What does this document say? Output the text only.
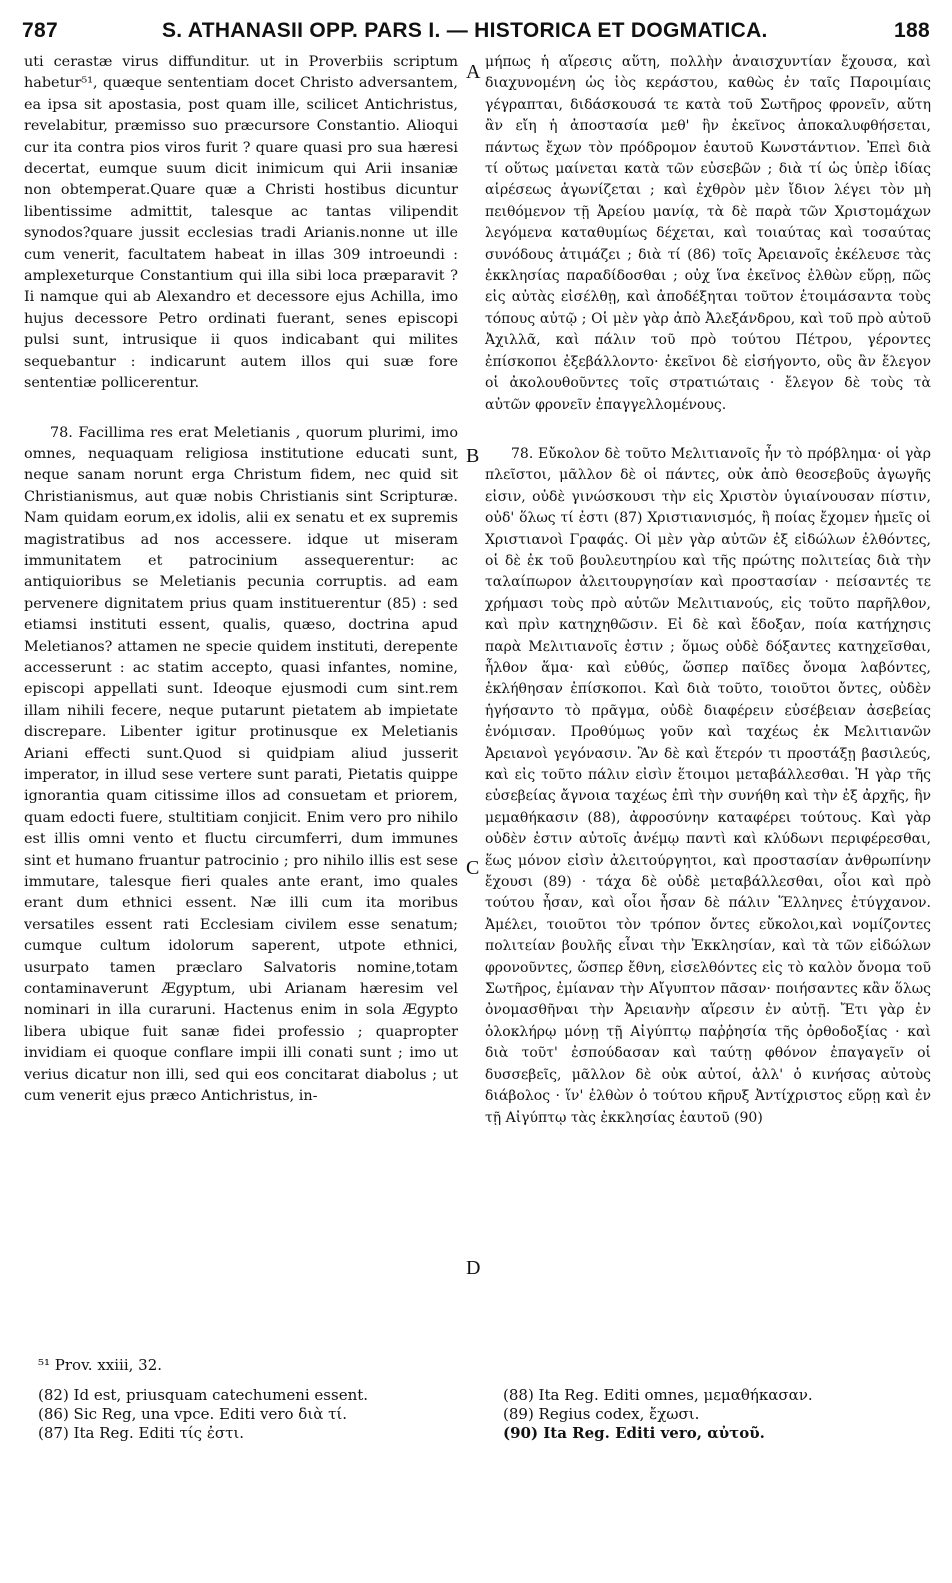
787	S. ATHANASII OPP. PARS I. — HISTORICA ET DOGMATICA.	188

uti cerastæ virus diffunditur. ut in Proverbiis scriptum habetur⁵¹, quæque sententiam docet Christo adversantem, ea ipsa sit apostasia, post quam ille, scilicet Antichristus, revelabitur, præmisso suo præcursore Constantio. Alioqui cur ita contra pios viros furit ? quare quasi pro sua hæresi decertat, eumque suum dicit inimicum qui Arii insaniæ non obtemperat.Quare quæ a Christi hostibus dicuntur libentissime admittit, talesque ac tantas vilipendit synodos?quare jussit ecclesias tradi Arianis.nonne ut ille cum venerit, facultatem habeat in illas 309 introeundi : amplexeturque Constantium qui illa sibi loca præparavit ? Ii namque qui ab Alexandro et decessore ejus Achilla, imo hujus decessore Petro ordinati fuerant, senes episcopi pulsi sunt, intrusique ii quos indicabant qui milites sequebantur : indicarunt autem illos qui suæ fore sententiæ pollicerentur.

78. Facillima res erat Meletianis , quorum plurimi, imo omnes, nequaquam religiosa institutione educati sunt, neque sanam norunt erga Christum fidem, nec quid sit Christianismus, aut quæ nobis Christianis sint Scripturæ. Nam quidam eorum,ex idolis, alii ex senatu et ex supremis magistratibus ad nos accessere. idque ut miseram immunitatem et patrocinium assequerentur: ac antiquioribus se Meletianis pecunia corruptis. ad eam pervenere dignitatem prius quam instituerentur (85) : sed etiamsi instituti essent, qualis, quæso, doctrina apud Meletianos? attamen ne specie quidem instituti, derepente accesserunt : ac statim accepto, quasi infantes, nomine, episcopi appellati sunt. Ideoque ejusmodi cum sint.rem illam nihili fecere, neque putarunt pietatem ab impietate discrepare. Libenter igitur protinusque ex Meletianis Ariani effecti sunt.Quod si quidpiam aliud jusserit imperator, in illud sese vertere sunt parati, Pietatis quippe ignorantia quam citissime illos ad consuetam et priorem, quam edocti fuere, stultitiam conjicit. Enim vero pro nihilo est illis omni vento et fluctu circumferri, dum immunes sint et humano fruantur patrocinio ; pro nihilo illis est sese immutare, talesque fieri quales ante erant, imo quales erant dum ethnici essent. Næ illi cum ita moribus versatiles essent rati Ecclesiam civilem esse senatum; cumque cultum idolorum saperent, utpote ethnici, usurpato tamen præclaro Salvatoris nomine,totam contaminaverunt Ægyptum, ubi Arianam hæresim vel nominari in illa curaruni. Hactenus enim in sola Ægypto libera ubique fuit sanæ fidei professio ; quapropter invidiam ei quoque conflare impii illi conati sunt ; imo ut verius dicatur non illi, sed qui eos concitarat diabolus ; ut cum venerit ejus præco Antichristus, in-

A
B
C
D

μήπως ἡ αἵρεσις αὕτη, πολλὴν ἀναισχυντίαν ἔχουσα, καὶ διαχυνομένη ὡς ἰὸς κεράστου, καθὼς ἐν ταῖς Παροιμίαις γέγραπται, διδάσκουσά τε κατὰ τοῦ Σωτῆρος φρονεῖν, αὕτη ἂν εἴη ἡ ἀποστασία μεθ' ἣν ἐκεῖνος ἀποκαλυφθήσεται, πάντως ἔχων τὸν πρόδρομον ἑαυτοῦ Κωνστάντιον. Ἐπεὶ διὰ τί οὕτως μαίνεται κατὰ τῶν εὐσεβῶν ; διὰ τί ὡς ὑπὲρ ἰδίας αἱρέσεως ἀγωνίζεται ; καὶ ἐχθρὸν μὲν ἴδιον λέγει τὸν μὴ πειθόμενον τῇ Ἀρείου μανίᾳ, τὰ δὲ παρὰ τῶν Χριστομάχων λεγόμενα καταθυμίως δέχεται, καὶ τοιαύτας καὶ τοσαύτας συνόδους ἀτιμάζει ; διὰ τί (86) τοῖς Ἀρειανοῖς ἐκέλευσε τὰς ἐκκλησίας παραδίδοσθαι ; οὐχ ἵνα ἐκεῖνος ἐλθὼν εὕρῃ, πῶς εἰς αὐτὰς εἰσέλθῃ, καὶ ἀποδέξηται τοῦτον ἑτοιμάσαντα τοὺς τόπους αὐτῷ ; Οἱ μὲν γὰρ ἀπὸ Ἀλεξάνδρου, καὶ τοῦ πρὸ αὐτοῦ Ἀχιλλᾶ, καὶ πάλιν τοῦ πρὸ τούτου Πέτρου, γέροντες ἐπίσκοποι ἐξεβάλλοντο· ἐκεῖνοι δὲ εἰσήγοντο, οὓς ἂν ἔλεγον οἱ ἀκολουθοῦντες τοῖς στρατιώταις · ἔλεγον δὲ τοὺς τὰ αὐτῶν φρονεῖν ἐπαγγελλομένους.

78. Εὔκολον δὲ τοῦτο Μελιτιανοῖς ἦν τὸ πρόβλημα· οἱ γὰρ πλεῖστοι, μᾶλλον δὲ οἱ πάντες, οὐκ ἀπὸ θεοσεβοῦς ἀγωγῆς εἰσιν, οὐδὲ γινώσκουσι τὴν εἰς Χριστὸν ὑγιαίνουσαν πίστιν, οὐδ' ὅλως τί ἐστι (87) Χριστιανισμός, ἢ ποίας ἔχομεν ἡμεῖς οἱ Χριστιανοὶ Γραφάς. Οἱ μὲν γὰρ αὐτῶν ἐξ εἰδώλων ἐλθόντες, οἱ δὲ ἐκ τοῦ βουλευτηρίου καὶ τῆς πρώτης πολιτείας διὰ τὴν ταλαίπωρον ἀλειτουργησίαν καὶ προστασίαν · πείσαντές τε χρήμασι τοὺς πρὸ αὐτῶν Μελιτιανούς, εἰς τοῦτο παρῆλθον, καὶ πρὶν κατηχηθῶσιν. Εἰ δὲ καὶ ἔδοξαν, ποία κατήχησις παρὰ Μελιτιανοῖς ἐστιν ; ὅμως οὐδὲ δόξαντες κατηχεῖσθαι, ἦλθον ἅμα· καὶ εὐθύς, ὥσπερ παῖδες ὄνομα λαβόντες, ἐκλήθησαν ἐπίσκοποι. Καὶ διὰ τοῦτο, τοιοῦτοι ὄντες, οὐδὲν ἡγήσαντο τὸ πρᾶγμα, οὐδὲ διαφέρειν εὐσέβειαν ἀσεβείας ἐνόμισαν. Προθύμως γοῦν καὶ ταχέως ἐκ Μελιτιανῶν Ἀρειανοὶ γεγόνασιν. Ἂν δὲ καὶ ἕτερόν τι προστάξῃ βασιλεύς, καὶ εἰς τοῦτο πάλιν εἰσὶν ἕτοιμοι μεταβάλλεσθαι. Ἡ γὰρ τῆς εὐσεβείας ἄγνοια ταχέως ἐπὶ τὴν συνήθη καὶ τὴν ἐξ ἀρχῆς, ἣν μεμαθήκασιν (88), ἀφροσύνην καταφέρει τούτους. Καὶ γὰρ οὐδὲν ἐστιν αὐτοῖς ἀνέμῳ παντὶ καὶ κλύδωνι περιφέρεσθαι, ἕως μόνον εἰσὶν ἀλειτούργητοι, καὶ προστασίαν ἀνθρωπίνην ἔχουσι (89) · τάχα δὲ οὐδὲ μεταβάλλεσθαι, οἷοι καὶ πρὸ τούτου ἦσαν, καὶ οἷοι ἦσαν δὲ πάλιν Ἕλληνες ἐτύγχανον. Ἀμέλει, τοιοῦτοι τὸν τρόπον ὄντες εὔκολοι,καὶ νομίζοντες πολιτείαν βουλῆς εἶναι τὴν Ἐκκλησίαν, καὶ τὰ τῶν εἰδώλων φρονοῦντες, ὥσπερ ἔθνη, εἰσελθόντες εἰς τὸ καλὸν ὄνομα τοῦ Σωτῆρος, ἐμίαναν τὴν Αἴγυπτον πᾶσαν· ποιήσαντες κἂν ὅλως ὀνομασθῆναι τὴν Ἀρειανὴν αἵρεσιν ἐν αὐτῇ. Ἔτι γὰρ ἐν ὁλοκλήρῳ μόνῃ τῇ Αἰγύπτῳ παῤῥησία τῆς ὀρθοδοξίας · καὶ διὰ τοῦτ' ἐσπούδασαν καὶ ταύτῃ φθόνον ἐπαγαγεῖν οἱ δυσσεβεῖς, μᾶλλον δὲ οὐκ αὐτοί, ἀλλ' ὁ κινήσας αὐτοὺς διάβολος · ἵν' ἐλθὼν ὁ τούτου κῆρυξ Ἀντίχριστος εὕρῃ καὶ ἐν τῇ Αἰγύπτῳ τὰς ἐκκλησίας ἑαυτοῦ (90)

⁵¹ Prov. xxiii, 32.

(82) Id est, priusquam catechumeni essent.

(86) Sic Reg, una vpce. Editi vero διὰ τί.

(87) Ita Reg. Editi τίς ἐστι.

(88) Ita Reg. Editi omnes, μεμαθήκασαν.

(89) Regius codex, ἔχωσι.

(90) Ita Reg. Editi vero, αὐτοῦ.
